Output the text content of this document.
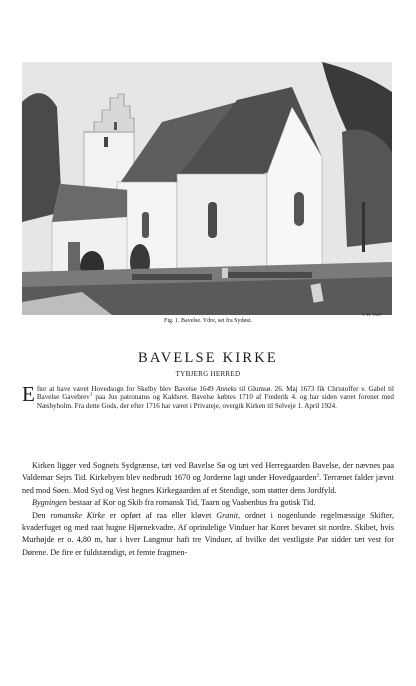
Fig. 1. Bavelse. Ydre, set fra Sydøst.
V. H. 1929
BAVELSE KIRKE
TYBJERG HERRED
Efter at have været Hovedsogn for Skelby blev Bavelse 1649 Anneks til Glumsø. 26. Maj 1673 fik Christoffer v. Gabel til Bavelse Gavebrev$^1$ paa Jus patronatus og Kaldsret. Bavelse købtes 1710 af Frederik 4. og har siden været forenet med Næsbyholm. Fra dette Gods, der efter 1716 har været i Privateje, overgik Kirken til Selveje 1. April 1924.

Kirken ligger ved Sognets Sydgrænse, tæt ved Bavelse Sø og tæt ved Herregaarden Bavelse, der nævnes paa Valdemar Sejrs Tid. Kirkebyen blev nedbrudt 1670 og Jorderne lagt under Hovedgaarden$^2$. Terrænet falder jævnt ned mod Søen. Mod Syd og Vest hegnes Kirkegaarden af et Stendige, som støtter dens Jordfyld.

Bygningen bestaar af Kor og Skib fra romansk Tid, Taarn og Vaabenhus fra gotisk Tid.

Den romanske Kirke er opført af raa eller kløvet Granit, ordnet i nogenlunde regelmæssige Skifter, kvaderfuget og med raat hugne Hjørnekvadre. Af oprindelige Vinduer har Koret bevaret sit nordre. Skibet, hvis Murhøjde er o. 4,80 m, har i hver Langmur haft tre Vinduer, af hvilke det vestligste Par sidder tæt vest for Dørene. De fire er fuldstændigt, et femte fragmen-
